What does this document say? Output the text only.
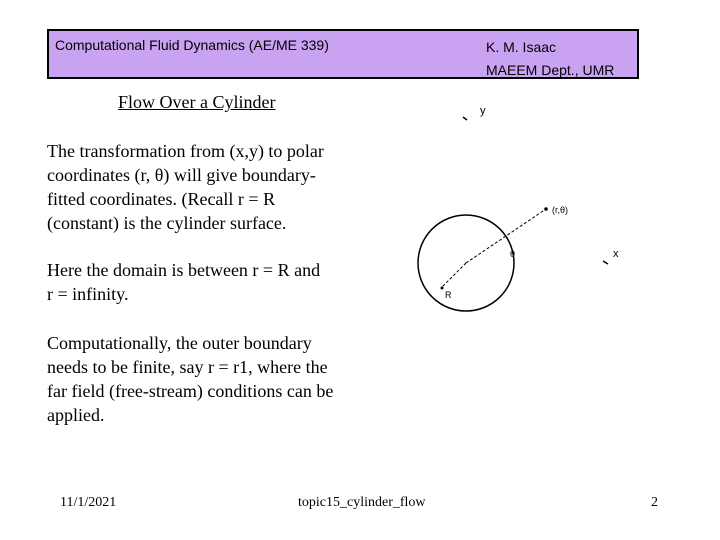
Computational Fluid Dynamics (AE/ME 339)	K. M. Isaac
MAEEM Dept., UMR
Flow Over a Cylinder
The transformation from (x,y) to polar
coordinates (r, θ) will give boundary-
fitted coordinates. (Recall r = R
(constant) is the cylinder surface.
Here the domain is between r = R and
r = infinity.
Computationally, the outer boundary
needs to be finite, say r = r1, where the
far field (free-stream) conditions can be
applied.
y
(r,θ)
θ
R
x
11/1/2021	topic15_cylinder_flow	2
